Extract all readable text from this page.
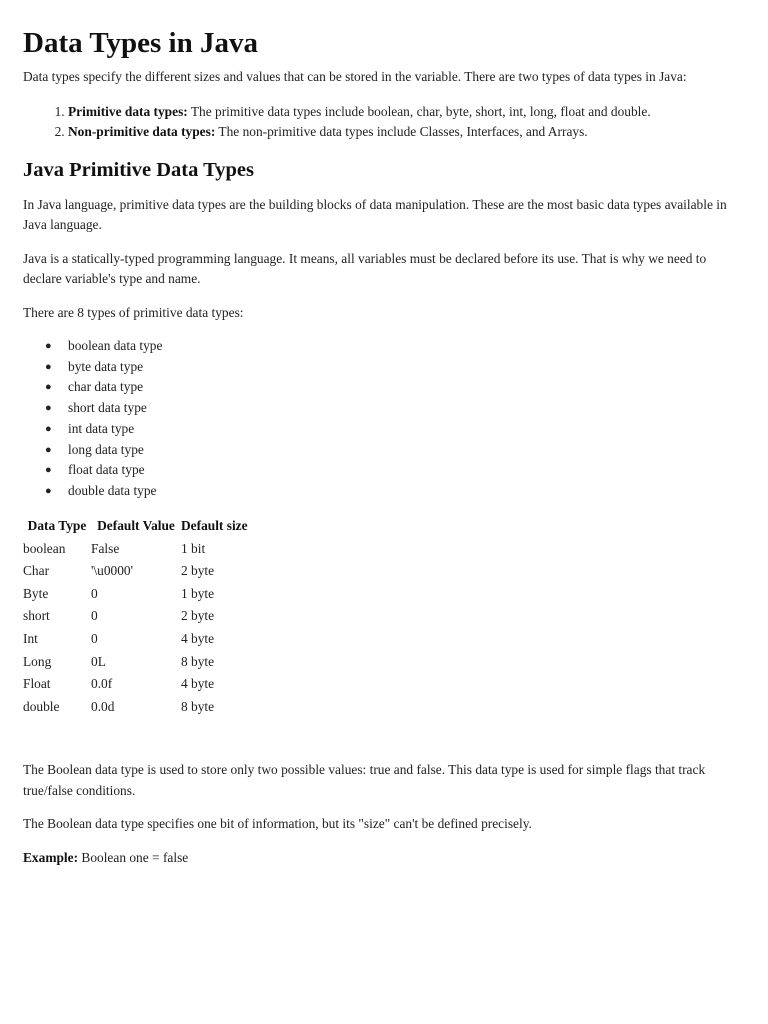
Data Types in Java

Data types specify the different sizes and values that can be stored in the variable. There are two types of data types in Java:

1. Primitive data types: The primitive data types include boolean, char, byte, short, int, long, float and double.
2. Non-primitive data types: The non-primitive data types include Classes, Interfaces, and Arrays.
Java Primitive Data Types

In Java language, primitive data types are the building blocks of data manipulation. These are the most basic data types available in Java language.

Java is a statically-typed programming language. It means, all variables must be declared before its use. That is why we need to declare variable's type and name.

There are 8 types of primitive data types:

● boolean data type
● byte data type
● char data type
● short data type
● int data type
● long data type
● float data type
● double data type
Data Type	Default Value	Default size
boolean	False	1 bit
Char	'\u0000'	2 byte
Byte	0	1 byte
short	0	2 byte
Int	0	4 byte
Long	0L	8 byte
Float	0.0f	4 byte
double	0.0d	8 byte

The Boolean data type is used to store only two possible values: true and false. This data type is used for simple flags that track true/false conditions.

The Boolean data type specifies one bit of information, but its "size" can't be defined precisely.

Example: Boolean one = false
